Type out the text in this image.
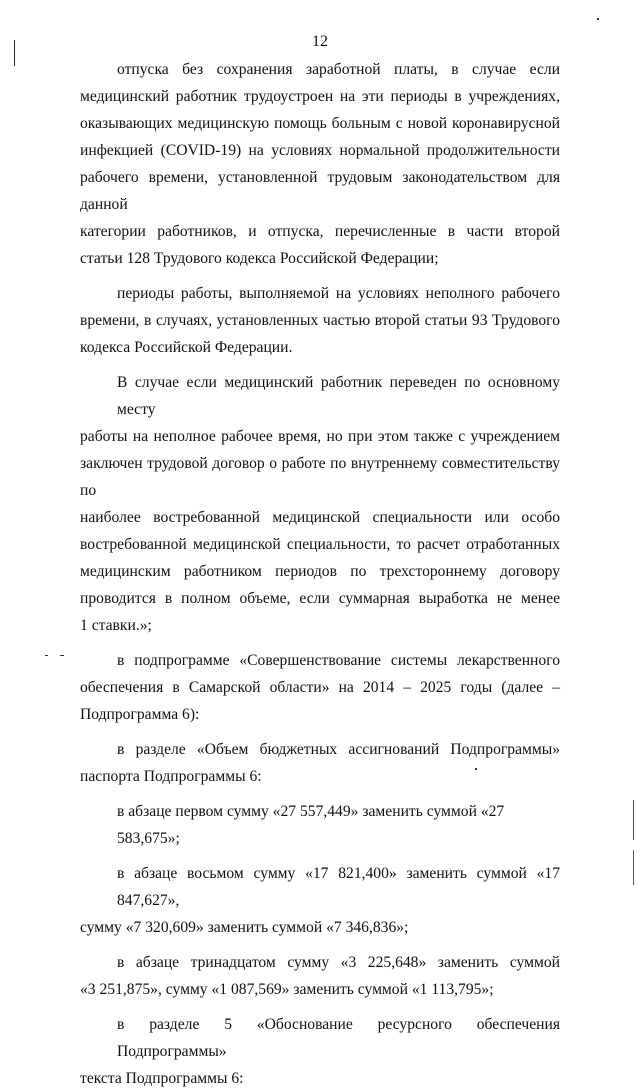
12
отпуска без сохранения заработной платы, в случае если
медицинский работник трудоустроен на эти периоды в учреждениях,
оказывающих медицинскую помощь больным с новой коронавирусной
инфекцией (COVID-19) на условиях нормальной продолжительности
рабочего времени, установленной трудовым законодательством для данной
категории работников, и отпуска, перечисленные в части второй
статьи 128 Трудового кодекса Российской Федерации;
периоды работы, выполняемой на условиях неполного рабочего
времени, в случаях, установленных частью второй статьи 93 Трудового
кодекса Российской Федерации.
В случае если медицинский работник переведен по основному месту
работы на неполное рабочее время, но при этом также с учреждением
заключен трудовой договор о работе по внутреннему совместительству по
наиболее востребованной медицинской специальности или особо
востребованной медицинской специальности, то расчет отработанных
медицинским работником периодов по трехстороннему договору
проводится в полном объеме, если суммарная выработка не менее
1 ставки.»;
в подпрограмме «Совершенствование системы лекарственного
обеспечения в Самарской области» на 2014 – 2025 годы (далее –
Подпрограмма 6):
в разделе «Объем бюджетных ассигнований Подпрограммы»
паспорта Подпрограммы 6:
в абзаце первом сумму «27 557,449» заменить суммой «27 583,675»;
в абзаце восьмом сумму «17 821,400» заменить суммой «17 847,627»,
сумму «7 320,609» заменить суммой «7 346,836»;
в абзаце тринадцатом сумму «3 225,648» заменить суммой
«3 251,875», сумму «1 087,569» заменить суммой «1 113,795»;
в разделе 5 «Обоснование ресурсного обеспечения Подпрограммы»
текста Подпрограммы 6:
